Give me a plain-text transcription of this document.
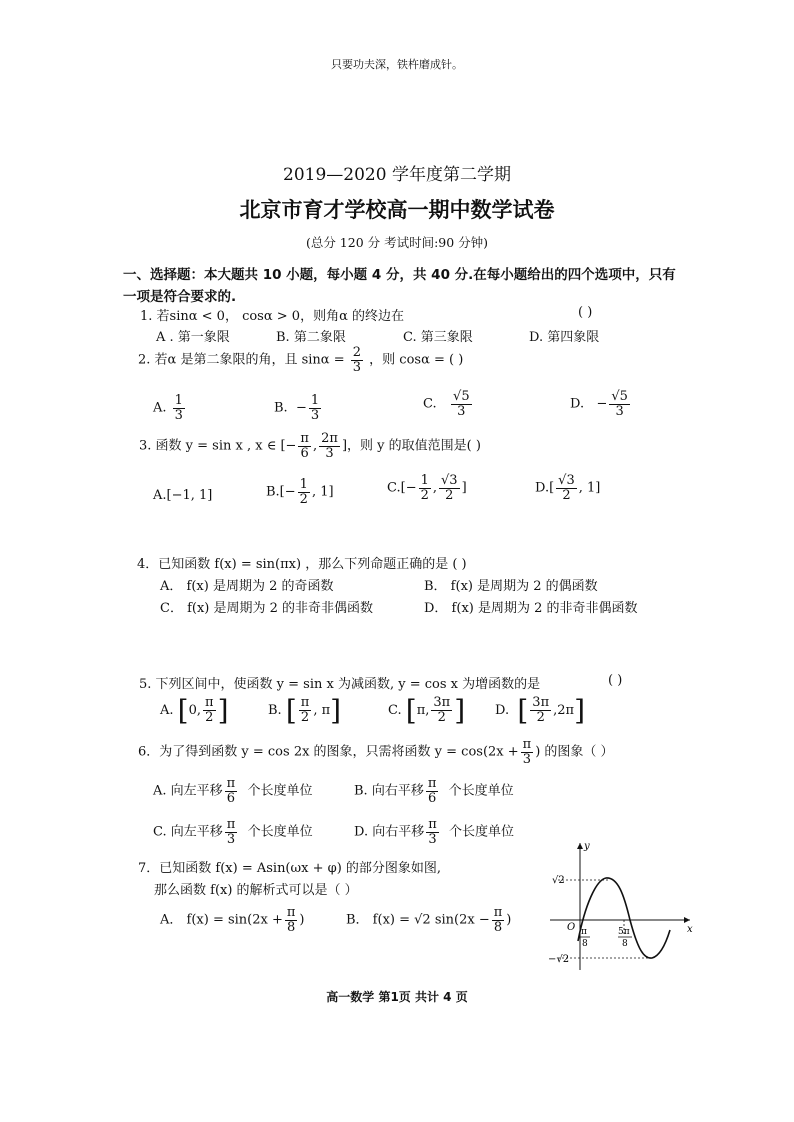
只要功夫深，铁杵磨成针。
2019—2020 学年度第二学期
北京市育才学校高一期中数学试卷
(总分 120 分 考试时间:90 分钟)
一、选择题：本大题共 10 小题，每小题 4 分，共 40 分.在每小题给出的四个选项中，只有一项是符合要求的.
1. 若sinα < 0， cosα > 0，则角α 的终边在	( )
A . 第一象限	B. 第二象限	C. 第三象限	D. 第四象限
2. 若α 是第二象限的角，且 $\sin\alpha = \frac{2}{3}$ ，则 cosα = ( )
A. $\frac{1}{3}$	B.  − $\frac{1}{3}$	C. $\frac{√5}{3}$	D.   − $\frac{√5}{3}$
3. 函数 y = sin x , x ∈ [− $\frac{\pi}{6}$ , $\frac{2\pi}{3}$ ]，则 y 的取值范围是( )
A.[−1, 1]	$B.[- \frac{1}{2}$ , 1]	$C.[- \frac{1}{2}$ , $\frac{√3}{2}$ ]	$D.[ \frac{√3}{2}$ , 1]
4．已知函数 f(x) = sin(πx) ，那么下列命题正确的是 ( )
A． f(x) 是周期为 2 的奇函数	B． f(x) 是周期为 2 的偶函数
C． f(x) 是周期为 2 的非奇非偶函数	D． f(x) 是周期为 2 的非奇非偶函数
5. 下列区间中，使函数 y = sin x 为减函数, y = cos x 为增函数的是	( )
A. [0, $\frac{\pi}{2}$ ]	B. [ $\frac{\pi}{2}$ , π]	C. [π, $\frac{3\pi}{2}$ ] D. [ $\frac{3\pi}{2} ,2\pi$]
6．为了得到函数 y = cos 2x 的图象，只需将函数 $y = \cos(2x + \frac{\pi}{3}$ ) 的图象（ ）
A. 向左平移 $\frac{\pi}{6}$ 个长度单位	B. 向右平移 $\frac{\pi}{6}$ 个长度单位
C. 向左平移 $\frac{\pi}{3}$ 个长度单位	D. 向右平移 $\frac{\pi}{3}$ 个长度单位
7．已知函数 f(x) = Asin(ωx + φ) 的部分图象如图,
那么函数 f(x) 的解析式可以是（ ）
A． $f(x) = \sin(2x + \frac{\pi}{8}$ )	B． f(x) = √2 $\sin(2x - \frac{\pi}{8}$ )
y
x
O
√2
−√2
π
8
5π
8
高一数学 第1页 共计 4 页
